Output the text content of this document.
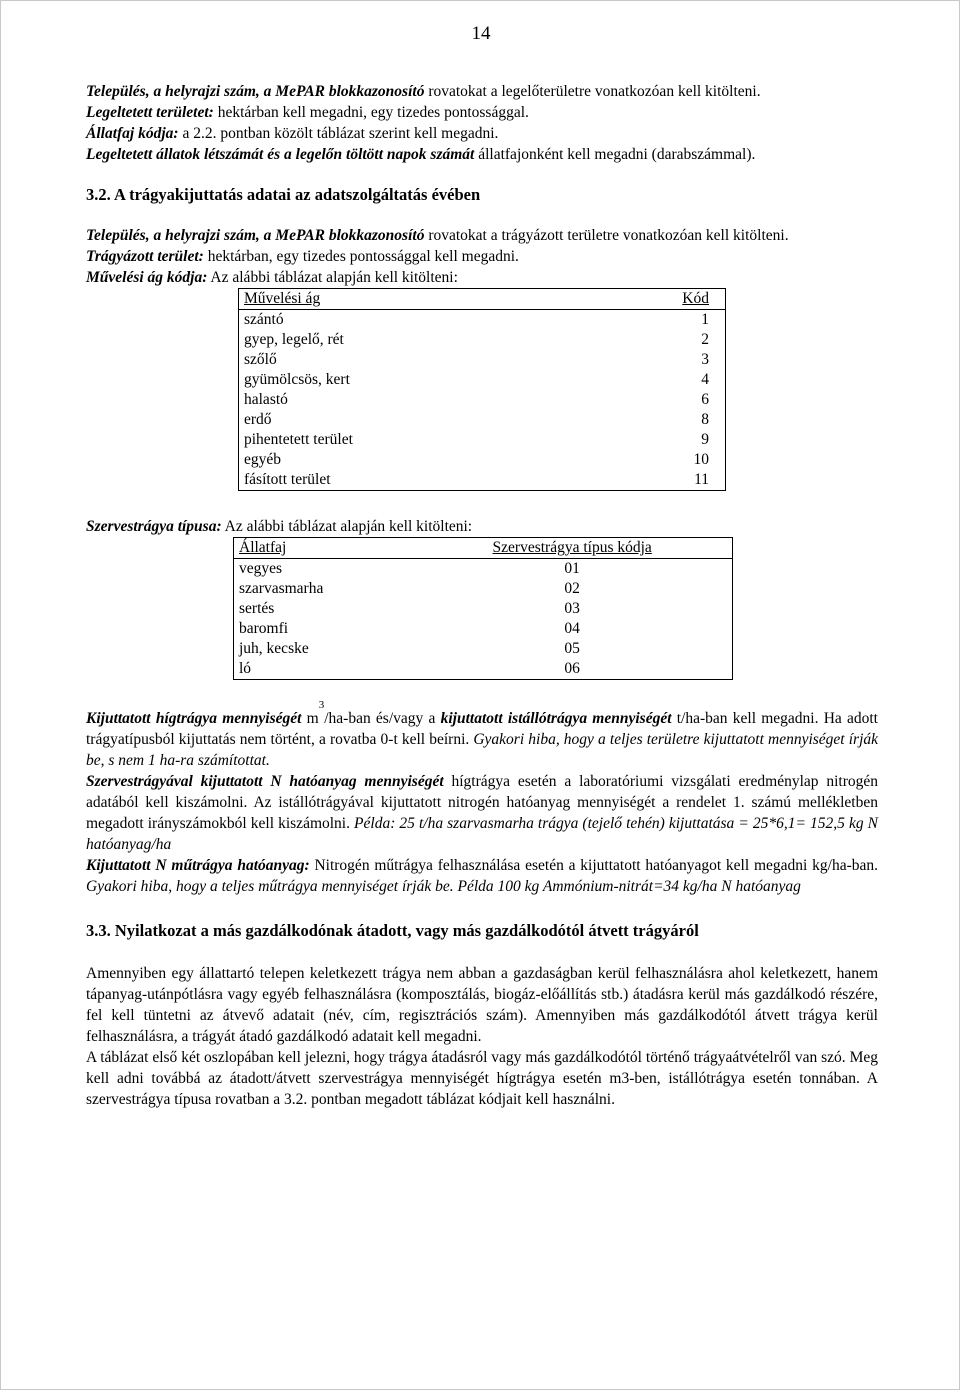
14

Település, a helyrajzi szám, a MePAR blokkazonosító rovatokat a legelőterületre vonatkozóan kell kitölteni.

Legeltetett területet: hektárban kell megadni, egy tizedes pontossággal.

Állatfaj kódja: a 2.2. pontban közölt táblázat szerint kell megadni.

Legeltetett állatok létszámát és a legelőn töltött napok számát állatfajonként kell megadni (darabszámmal).

3.2. A trágyakijuttatás adatai az adatszolgáltatás évében

Település, a helyrajzi szám, a MePAR blokkazonosító rovatokat a trágyázott területre vonatkozóan kell kitölteni.

Trágyázott terület: hektárban, egy tizedes pontossággal kell megadni.

Művelési ág kódja: Az alábbi táblázat alapján kell kitölteni:

Művelési ág	Kód
szántó	1
gyep, legelő, rét	2
szőlő	3
gyümölcsös, kert	4
halastó	6
erdő	8
pihentetett terület	9
egyéb	10
fásított terület	11

Szervestrágya típusa: Az alábbi táblázat alapján kell kitölteni:

Állatfaj	Szervestrágya típus kódja
vegyes	01
szarvasmarha	02
sertés	03
baromfi	04
juh, kecske	05
ló	06

Kijuttatott hígtrágya mennyiségét $m^3/ha$-ban és/vagy a kijuttatott istállótrágya mennyiségét t/ha-ban kell megadni. Ha adott trágyatípusból kijuttatás nem történt, a rovatba 0-t kell beírni. Gyakori hiba, hogy a teljes területre kijuttatott mennyiséget írják be, s nem 1 ha-ra számítottat.

Szervestrágyával kijuttatott N hatóanyag mennyiségét hígtrágya esetén a laboratóriumi vizsgálati eredménylap nitrogén adatából kell kiszámolni. Az istállótrágyával kijuttatott nitrogén hatóanyag mennyiségét a rendelet 1. számú mellékletben megadott irányszámokból kell kiszámolni. Példa: 25 t/ha szarvasmarha trágya (tejelő tehén) kijuttatása = 25*6,1= 152,5 kg N hatóanyag/ha

Kijuttatott N műtrágya hatóanyag: Nitrogén műtrágya felhasználása esetén a kijuttatott hatóanyagot kell megadni kg/ha-ban. Gyakori hiba, hogy a teljes műtrágya mennyiséget írják be. Példa 100 kg Ammónium-nitrát=34 kg/ha N hatóanyag

3.3. Nyilatkozat a más gazdálkodónak átadott, vagy más gazdálkodótól átvett trágyáról

Amennyiben egy állattartó telepen keletkezett trágya nem abban a gazdaságban kerül felhasználásra ahol keletkezett, hanem tápanyag-utánpótlásra vagy egyéb felhasználásra (komposztálás, biogáz-előállítás stb.) átadásra kerül más gazdálkodó részére, fel kell tüntetni az átvevő adatait (név, cím, regisztrációs szám). Amennyiben más gazdálkodótól átvett trágya kerül felhasználásra, a trágyát átadó gazdálkodó adatait kell megadni.

A táblázat első két oszlopában kell jelezni, hogy trágya átadásról vagy más gazdálkodótól történő trágyaátvételről van szó. Meg kell adni továbbá az átadott/átvett szervestrágya mennyiségét hígtrágya esetén m3-ben, istállótrágya esetén tonnában. A szervestrágya típusa rovatban a 3.2. pontban megadott táblázat kódjait kell használni.
